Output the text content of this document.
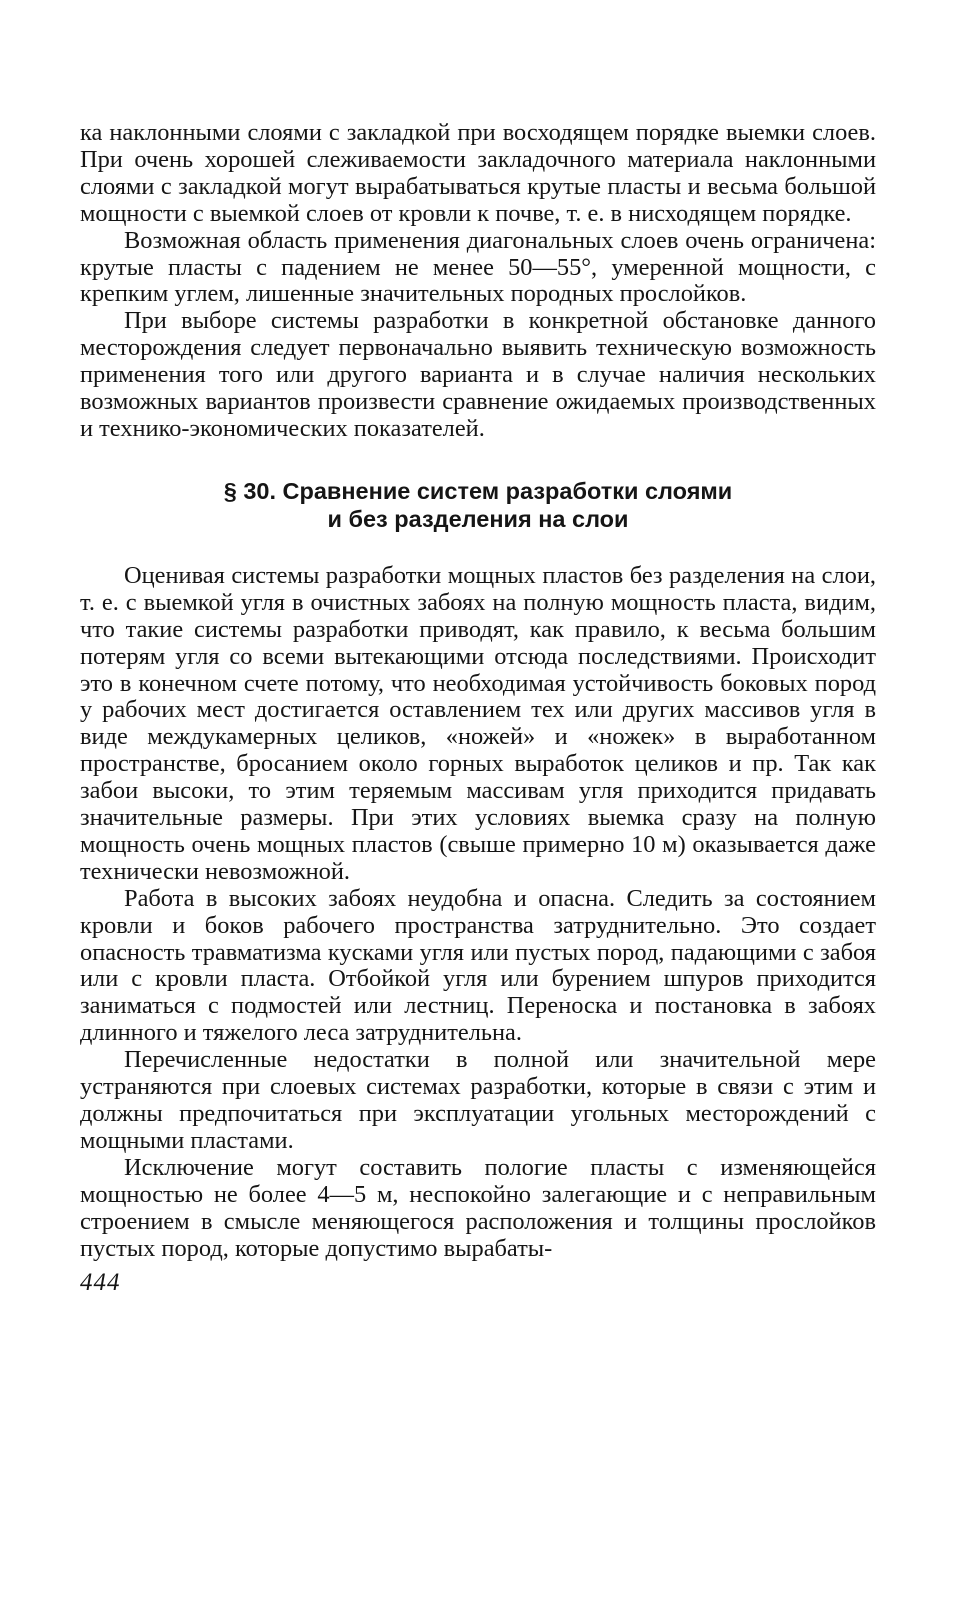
ка наклонными слоями с закладкой при восходящем порядке выемки слоев. При очень хорошей слеживаемости закладочного материала наклонными слоями с закладкой могут вырабатываться крутые пласты и весьма большой мощности с выемкой слоев от кровли к почве, т. е. в нисходящем порядке.

Возможная область применения диагональных слоев очень ограничена: крутые пласты с падением не менее 50—55°, умеренной мощности, с крепким углем, лишенные значительных породных прослойков.

При выборе системы разработки в конкретной обстановке данного месторождения следует первоначально выявить техническую возможность применения того или другого варианта и в случае наличия нескольких возможных вариантов произвести сравнение ожидаемых производственных и технико-экономических показателей.

§ 30. Сравнение систем разработки слоями
и без разделения на слои

Оценивая системы разработки мощных пластов без разделения на слои, т. е. с выемкой угля в очистных забоях на полную мощность пласта, видим, что такие системы разработки приводят, как правило, к весьма большим потерям угля со всеми вытекающими отсюда последствиями. Происходит это в конечном счете потому, что необходимая устойчивость боковых пород у рабочих мест достигается оставлением тех или других массивов угля в виде междукамерных целиков, «ножей» и «ножек» в выработанном пространстве, бросанием около горных выработок целиков и пр. Так как забои высоки, то этим теряемым массивам угля приходится придавать значительные размеры. При этих условиях выемка сразу на полную мощность очень мощных пластов (свыше примерно 10 м) оказывается даже технически невозможной.

Работа в высоких забоях неудобна и опасна. Следить за состоянием кровли и боков рабочего пространства затруднительно. Это создает опасность травматизма кусками угля или пустых пород, падающими с забоя или с кровли пласта. Отбойкой угля или бурением шпуров приходится заниматься с подмостей или лестниц. Переноска и постановка в забоях длинного и тяжелого леса затруднительна.

Перечисленные недостатки в полной или значительной мере устраняются при слоевых системах разработки, которые в связи с этим и должны предпочитаться при эксплуатации угольных месторождений с мощными пластами.

Исключение могут составить пологие пласты с изменяющейся мощностью не более 4—5 м, неспокойно залегающие и с неправильным строением в смысле меняющегося расположения и толщины прослойков пустых пород, которые допустимо вырабаты-

444
